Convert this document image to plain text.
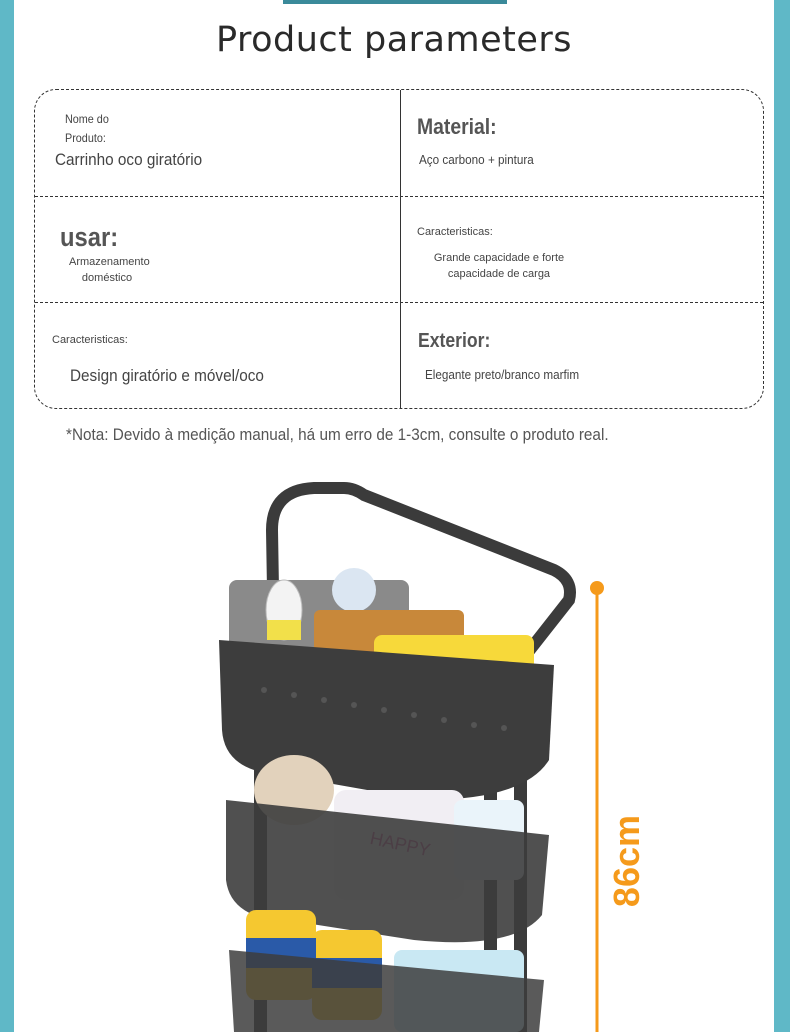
Product parameters
Nome do Produto:
Carrinho oco giratório
Material:
Aço carbono + pintura
usar:
Armazenamento doméstico
Caracteristicas:
Grande capacidade e forte capacidade de carga
Caracteristicas:
Design giratório e móvel/oco
Exterior:
Elegante preto/branco marfim
*Nota: Devido à medição manual, há um erro de 1-3cm, consulte o produto real.
86cm
